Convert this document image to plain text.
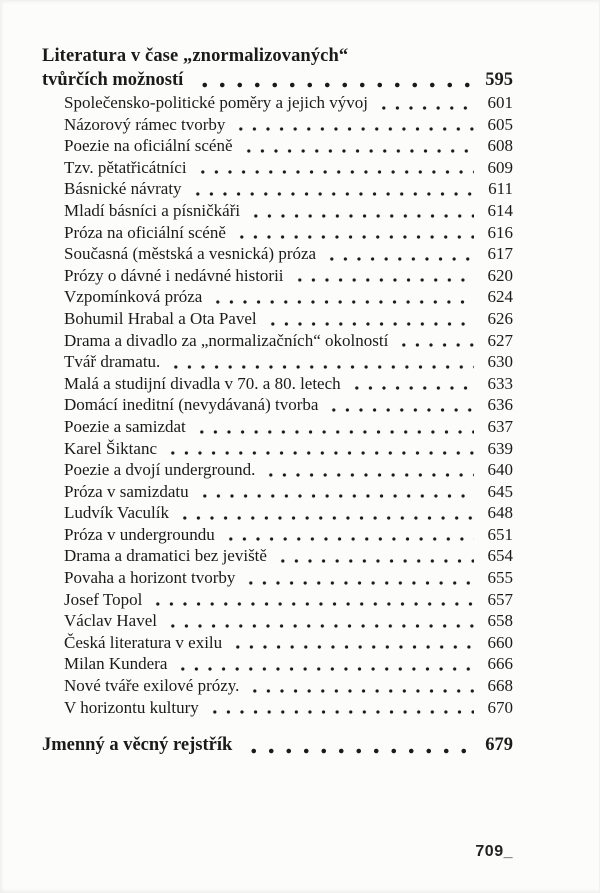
Literatura v čase „znormalizovaných“
tvůrčích možností	595
Společensko-politické poměry a jejich vývoj	601
Názorový rámec tvorby	605
Poezie na oficiální scéně	608
Tzv. pětatřicátníci	609
Básnické návraty	611
Mladí básníci a písničkáři	614
Próza na oficiální scéně	616
Současná (městská a vesnická) próza	617
Prózy o dávné i nedávné historii	620
Vzpomínková próza	624
Bohumil Hrabal a Ota Pavel	626
Drama a divadlo za „normalizačních“ okolností	627
Tvář dramatu.	630
Malá a studijní divadla v 70. a 80. letech	633
Domácí ineditní (nevydávaná) tvorba	636
Poezie a samizdat	637
Karel Šiktanc	639
Poezie a dvojí underground.	640
Próza v samizdatu	645
Ludvík Vaculík	648
Próza v undergroundu	651
Drama a dramatici bez jeviště	654
Povaha a horizont tvorby	655
Josef Topol	657
Václav Havel	658
Česká literatura v exilu	660
Milan Kundera	666
Nové tváře exilové prózy.	668
V horizontu kultury	670
Jmenný a věcný rejstřík	679
709_
